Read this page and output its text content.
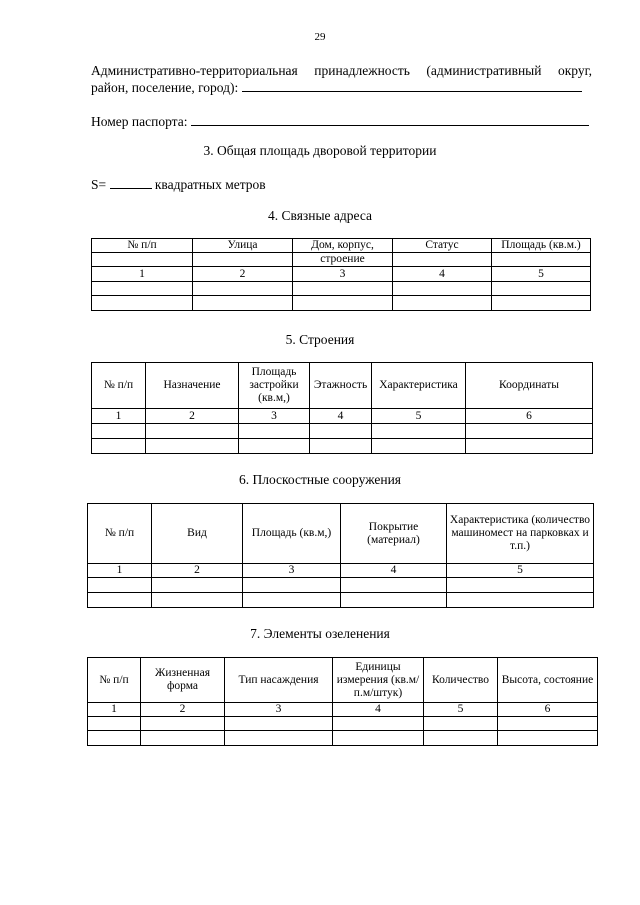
29
Административно-территориальная принадлежность (административный округ,
район, поселение, город):
Номер паспорта:
3. Общая площадь дворовой территории
S=	квадратных метров
4. Связные адреса
№ п/п	Улица	Дом, корпус,	Статус	Площадь (кв.м.)
		строение		
1	2	3	4	5

5. Строения
№ п/п	Назначение	Площадь застройки (кв.м,)	Этажность	Характеристика	Координаты
1	2	3	4	5	6

6. Плоскостные сооружения
№ п/п	Вид	Площадь (кв.м,)	Покрытие (материал)	Характеристика (количество машиномест на парковках и т.п.)
1	2	3	4	5

7. Элементы озеленения
№ п/п	Жизненная форма	Тип насаждения	Единицы измерения (кв.м/п.м/штук)	Количество	Высота, состояние
1	2	3	4	5	6
